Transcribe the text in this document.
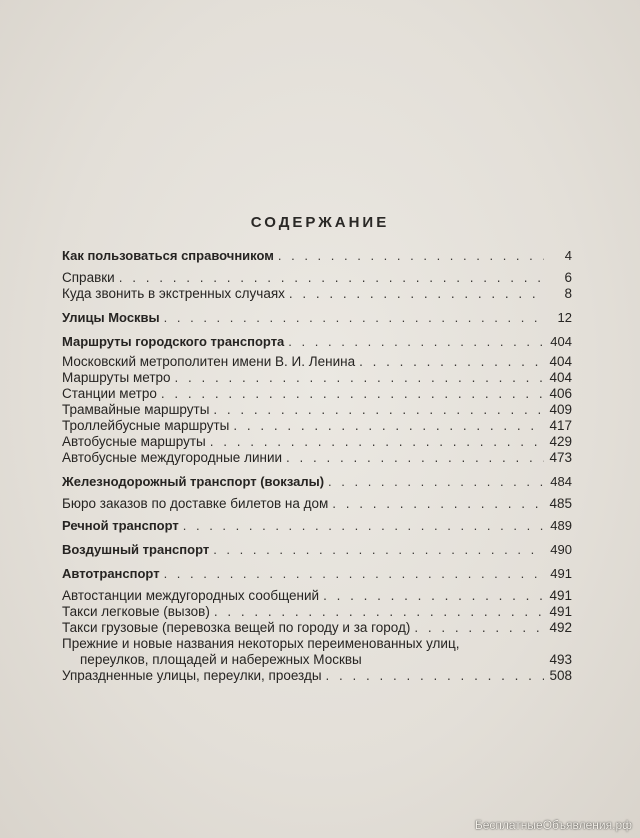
СОДЕРЖАНИЕ
Как пользоваться справочником . . .	4
Справки . . .	6
Куда звонить в экстренных случаях . . .	8
Улицы Москвы . . .	12
Маршруты городского транспорта . . .	404
Московский метрополитен имени В. И. Ленина . . .	404
Маршруты метро . . .	404
Станции метро . . .	406
Трамвайные маршруты . . .	409
Троллейбусные маршруты . . .	417
Автобусные маршруты . . .	429
Автобусные междугородные линии . . .	473
Железнодорожный транспорт (вокзалы) . . .	484
Бюро заказов по доставке билетов на дом . . .	485
Речной транспорт . . .	489
Воздушный транспорт . . .	490
Автотранспорт . . .	491
Автостанции междугородных сообщений . . .	491
Такси легковые (вызов) . . .	491
Такси грузовые (перевозка вещей по городу и за город) . . .	492
Прежние и новые названия некоторых переименованных улиц,
переулков, площадей и набережных Москвы	493
Упраздненные улицы, переулки, проезды . . .	508
БесплатныеОбъявления.рф
